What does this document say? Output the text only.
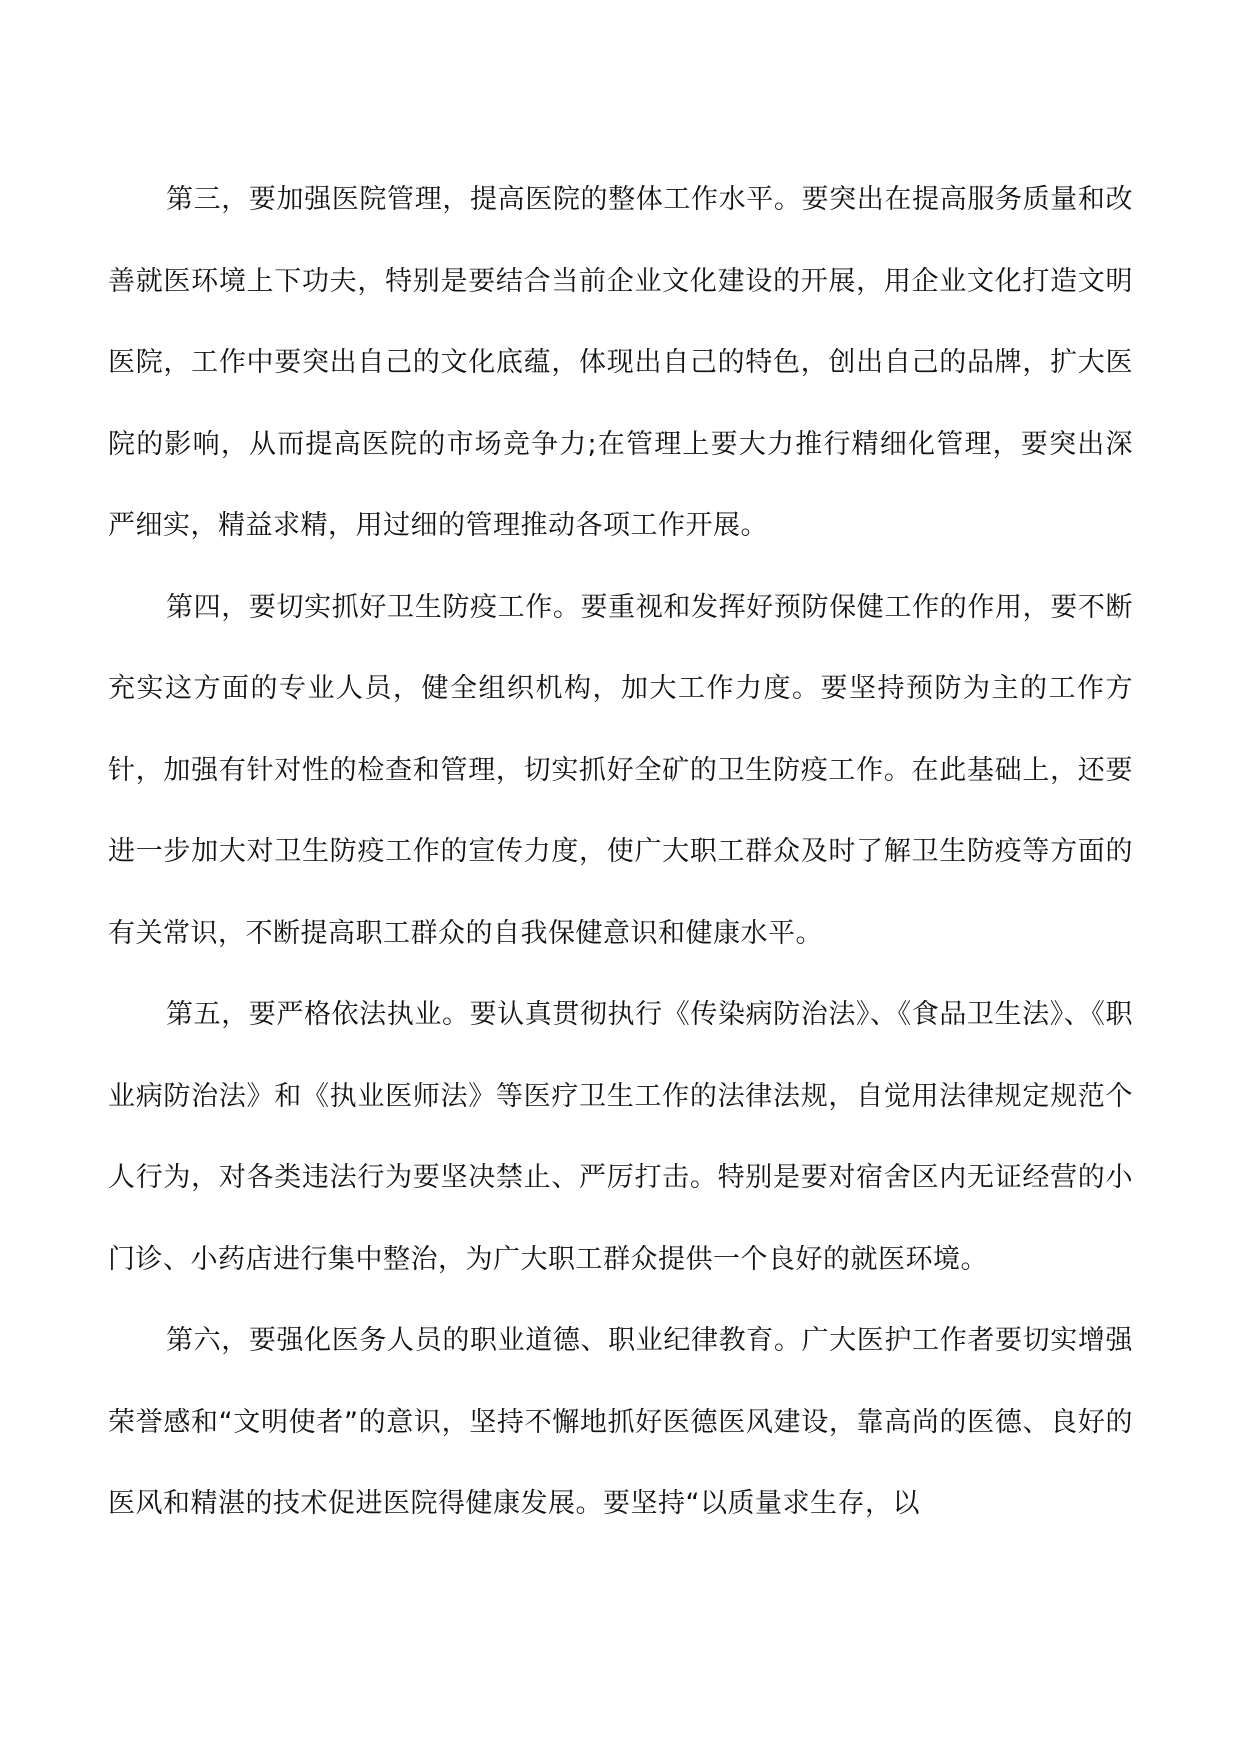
第三，要加强医院管理，提高医院的整体工作水平。要突出在提高服务质量和改善就医环境上下功夫，特别是要结合当前企业文化建设的开展，用企业文化打造文明医院，工作中要突出自己的文化底蕴，体现出自己的特色，创出自己的品牌，扩大医院的影响，从而提高医院的市场竞争力;在管理上要大力推行精细化管理，要突出深严细实，精益求精，用过细的管理推动各项工作开展。

第四，要切实抓好卫生防疫工作。要重视和发挥好预防保健工作的作用，要不断充实这方面的专业人员，健全组织机构，加大工作力度。要坚持预防为主的工作方针，加强有针对性的检查和管理，切实抓好全矿的卫生防疫工作。在此基础上，还要进一步加大对卫生防疫工作的宣传力度，使广大职工群众及时了解卫生防疫等方面的有关常识，不断提高职工群众的自我保健意识和健康水平。

第五，要严格依法执业。要认真贯彻执行《传染病防治法》、《食品卫生法》、《职业病防治法》和《执业医师法》等医疗卫生工作的法律法规，自觉用法律规定规范个人行为，对各类违法行为要坚决禁止、严厉打击。特别是要对宿舍区内无证经营的小门诊、小药店进行集中整治，为广大职工群众提供一个良好的就医环境。

第六，要强化医务人员的职业道德、职业纪律教育。广大医护工作者要切实增强荣誉感和“文明使者”的意识，坚持不懈地抓好医德医风建设，靠高尚的医德、良好的医风和精湛的技术促进医院得健康发展。要坚持“以质量求生存，以
